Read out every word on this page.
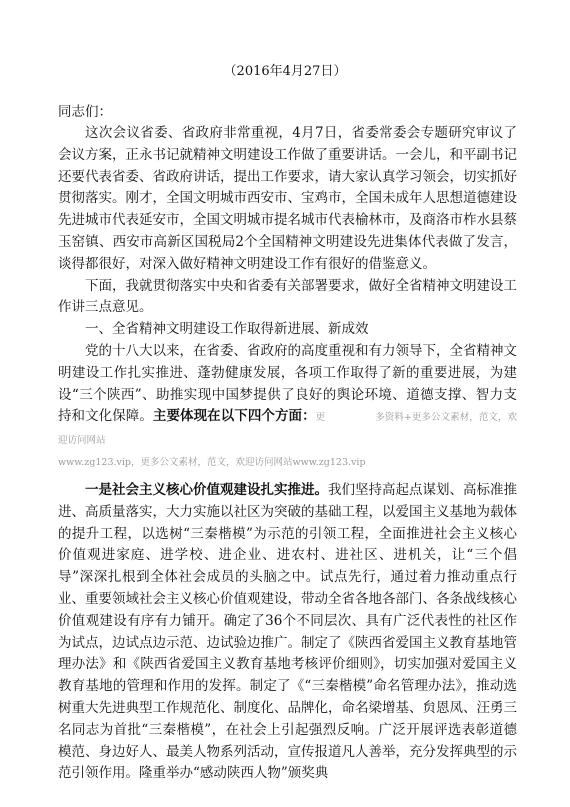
（2016年4月27日）
同志们：

这次会议省委、省政府非常重视，4月7日，省委常委会专题研究审议了会议方案，正永书记就精神文明建设工作做了重要讲话。一会儿，和平副书记还要代表省委、省政府讲话，提出工作要求，请大家认真学习领会，切实抓好贯彻落实。刚才，全国文明城市西安市、宝鸡市，全国未成年人思想道德建设先进城市代表延安市，全国文明城市提名城市代表榆林市，及商洛市柞水县蔡玉窑镇、西安市高新区国税局2个全国精神文明建设先进集体代表做了发言，谈得都很好，对深入做好精神文明建设工作有很好的借鉴意义。

下面，我就贯彻落实中央和省委有关部署要求，做好全省精神文明建设工作讲三点意见。

一、全省精神文明建设工作取得新进展、新成效

党的十八大以来，在省委、省政府的高度重视和有力领导下，全省精神文明建设工作扎实推进、蓬勃健康发展，各项工作取得了新的重要进展，为建设“三个陕西”、助推实现中国梦提供了良好的舆论环境、道德支撑、智力支持和文化保障。主要体现在以下四个方面：更	多资料+更多公文素材，范文，欢迎访问网站

www.zg123.vip，更多公文素材，范文，欢迎访问网站www.zg123.vip

一是社会主义核心价值观建设扎实推进。我们坚持高起点谋划、高标准推进、高质量落实，大力实施以社区为突破的基础工程，以爱国主义基地为载体的提升工程，以选树“三秦楷模”为示范的引领工程，全面推进社会主义核心价值观进家庭、进学校、进企业、进农村、进社区、进机关，让“三个倡导”深深扎根到全体社会成员的头脑之中。试点先行，通过着力推动重点行业、重要领域社会主义核心价值观建设，带动全省各地各部门、各条战线核心价值观建设有序有力铺开。确定了36个不同层次、具有广泛代表性的社区作为试点，边试点边示范、边试验边推广。制定了《陕西省爱国主义教育基地管理办法》和《陕西省爱国主义教育基地考核评价细则》，切实加强对爱国主义教育基地的管理和作用的发挥。制定了《“三秦楷模”命名管理办法》，推动选树重大先进典型工作规范化、制度化、品牌化，命名梁增基、贠恩凤、汪勇三名同志为首批“三秦楷模”，在社会上引起强烈反响。广泛开展评选表彰道德模范、身边好人、最美人物系列活动，宣传报道凡人善举，充分发挥典型的示范引领作用。隆重举办“感动陕西人物”颁奖典
